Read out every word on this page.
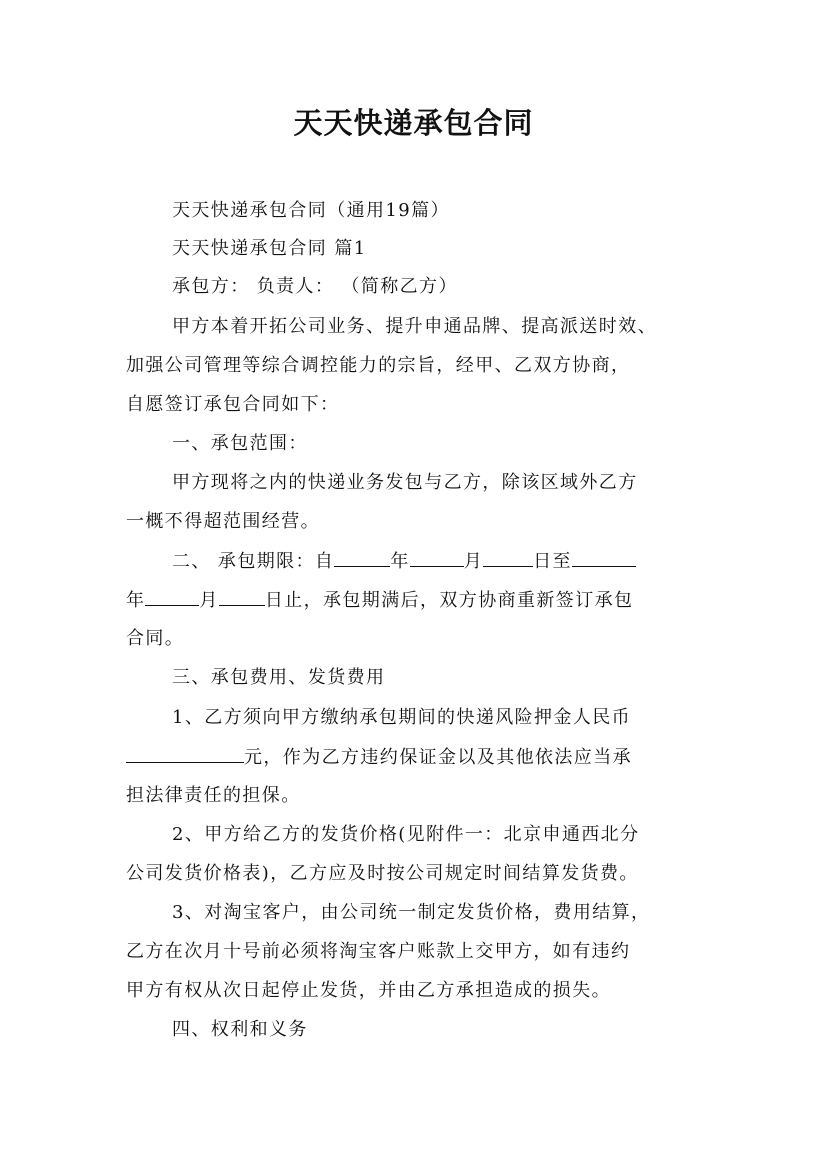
天天快递承包合同
天天快递承包合同（通用19篇）
天天快递承包合同 篇1
承包方： 负责人： （简称乙方）
甲方本着开拓公司业务、提升申通品牌、提高派送时效、
加强公司管理等综合调控能力的宗旨，经甲、乙双方协商，
自愿签订承包合同如下：
一、承包范围：
甲方现将之内的快递业务发包与乙方，除该区域外乙方
一概不得超范围经营。
二、 承包期限：自	年	月	日至
年	月	日止，承包期满后，双方协商重新签订承包
合同。
三、承包费用、发货费用
1、乙方须向甲方缴纳承包期间的快递风险押金人民币
元，作为乙方违约保证金以及其他依法应当承
担法律责任的担保。
2、甲方给乙方的发货价格(见附件一：北京申通西北分
公司发货价格表)，乙方应及时按公司规定时间结算发货费。
3、对淘宝客户，由公司统一制定发货价格，费用结算，
乙方在次月十号前必须将淘宝客户账款上交甲方，如有违约
甲方有权从次日起停止发货，并由乙方承担造成的损失。
四、权利和义务
